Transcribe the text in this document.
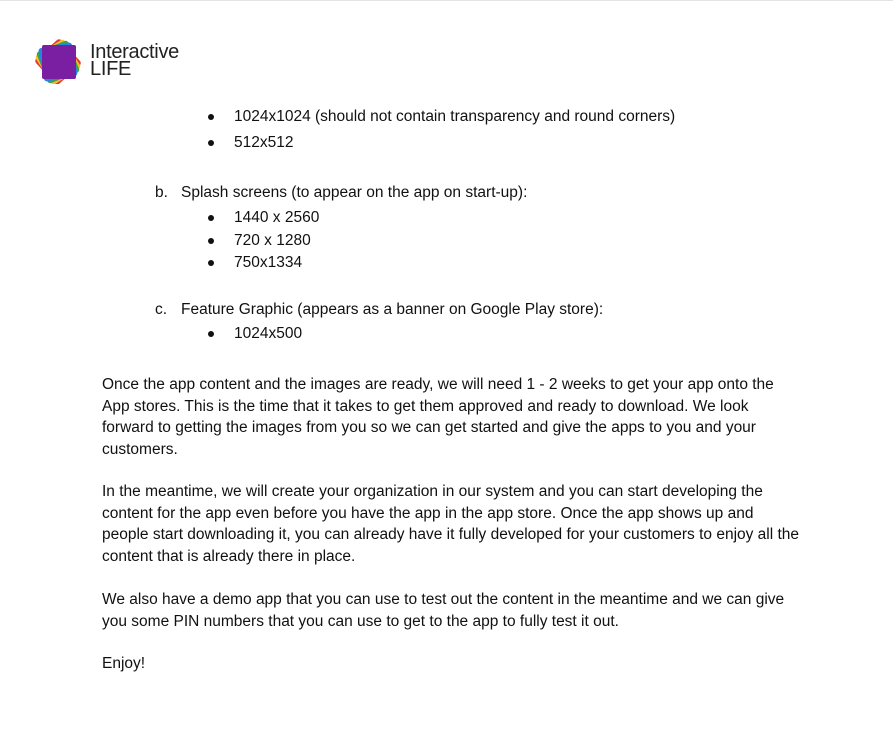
Interactive
LIFE
1024x1024 (should not contain transparency and round corners)
512x512
b. Splash screens (to appear on the app on start-up):
1440 x 2560
720 x 1280
750x1334
c. Feature Graphic (appears as a banner on Google Play store):
1024x500

Once the app content and the images are ready, we will need 1 - 2 weeks to get your app onto the App stores. This is the time that it takes to get them approved and ready to download. We look forward to getting the images from you so we can get started and give the apps to you and your customers.

In the meantime, we will create your organization in our system and you can start developing the content for the app even before you have the app in the app store. Once the app shows up and people start downloading it, you can already have it fully developed for your customers to enjoy all the content that is already there in place.

We also have a demo app that you can use to test out the content in the meantime and we can give you some PIN numbers that you can use to get to the app to fully test it out.

Enjoy!
